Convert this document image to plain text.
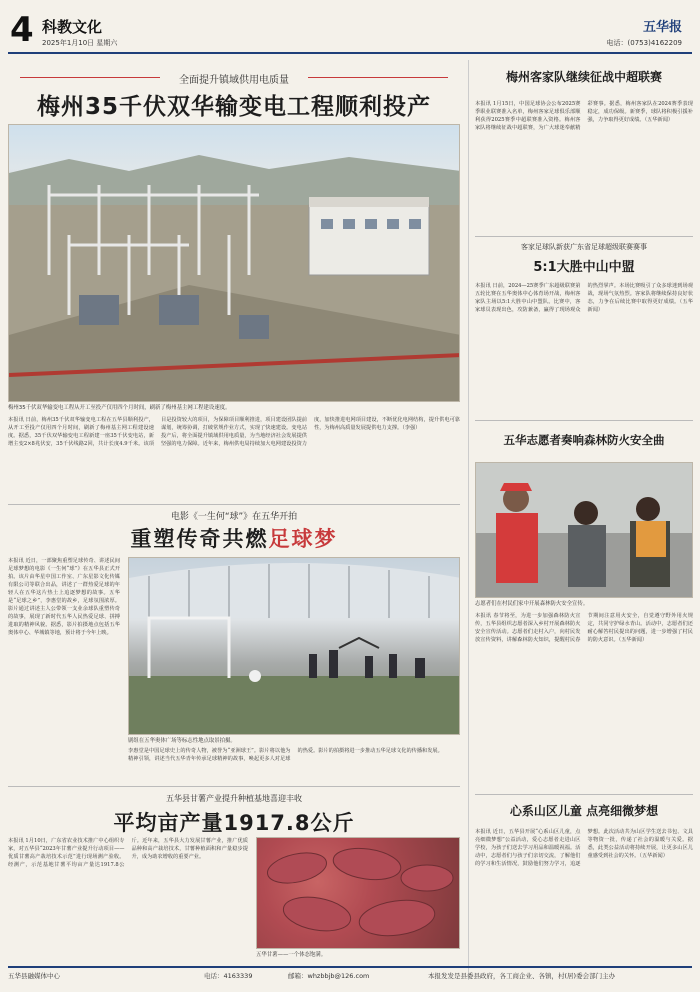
4 科教文化
2025年1月10日 星期六
五华报
电话：(0753)4162209
全面提升镇域供用电质量
梅州35千伏双华输变电工程顺利投产
梅州35千伏双华输变电工程从开工至投产仅用四个月时间，刷新了梅州基主网工程建设速度。
本报讯 日前，梅州35千伏双华输变电工程在五华县顺利投产，从开工至投产仅用四个月时间，刷新了梅州基主网工程建设速度。据悉，35千伏双华输变电工程新建一座35千伏变电站，新增主变2×8兆伏安，35千伏线路2回，共计长度4.9千米。该项目是投资较大的项目，为保障项目顺利推进，项目建设团队提前谋划，统筹协调，打破常规作业方式，实现了快速建设。变电站投产后，将全面提升镇域供用电质量，为当地经济社会发展提供坚强的电力保障。近年来，梅州供电局持续加大电网建设投资力度，加快推进电网项目建设，不断优化电网结构，提升供电可靠性，为梅州高质量发展提供电力支撑。（李强）
电影《一生何“球”》在五华开拍
重塑传奇共燃足球梦
本报讯 近日，一部聚焦重塑足球传奇、讲述民间足球梦想的电影《一生何“球”》在五华县正式开拍。该片由华星中国工作室、广东星影文化传媒有限公司等联合出品，讲述了一群热爱足球的年轻人在五华这片热土上追逐梦想的故事。五华是“足球之乡”，李惠堂的故乡，足球氛围浓厚。影片通过讲述主人公带领一支业余球队重塑传奇的故事，展现了新时代五华人民热爱足球、拼搏进取的精神风貌。据悉，影片拍摄地点包括五华奥体中心、华城镇等地，预计将于今年上映。
剧组在五华奥体广场等标志性地点取景拍摄。
李惠堂是中国足球史上的传奇人物，被誉为“亚洲球王”。影片将以他为精神引领，讲述当代五华青年传承足球精神的故事，唤起更多人对足球的热爱。影片的拍摄将进一步推动五华足球文化的传播和发展。
五华县甘薯产业提升种植基地喜迎丰收
平均亩产量1917.8公斤
本报讯 1月10日，广东省农业技术推广中心组织专家，对五华县“2023年甘薯产业提升行动项目——优质甘薯高产栽培技术示范”进行现场测产验收。经测产，示范基地甘薯平均亩产量达1917.8公斤。近年来，五华县大力发展甘薯产业，推广优质品种和高产栽培技术，甘薯种植面积和产量稳步提升，成为助农增收的重要产业。
五华甘薯——一个体态饱满。
梅州客家队继续征战中超联赛
本报讯 1月15日，中国足球协会公布2025赛季职业联赛准入名单，梅州客家足球俱乐部顺利获得2025赛季中超联赛准入资格。梅州客家队将继续征战中超联赛，为广大球迷奉献精彩赛事。据悉，梅州客家队在2024赛季表现稳定，成功保级。新赛季，球队将积极引援补强，力争取得更好成绩。（五华新闻）
客家足球队新获广东省足球超级联赛赛事
5:1大胜中山中盟
本报讯 日前，2024—25赛季广东超级联赛第五轮比赛在五华奥体中心体育场开战，梅州客家队主场以5:1大胜中山中盟队。比赛中，客家球员表现出色，攻防兼备，赢得了现场观众的热烈掌声。本场比赛吸引了众多球迷到场观战，现场气氛热烈。客家队将继续保持良好状态，力争在后续比赛中取得更好成绩。（五华新闻）
五华志愿者奏响森林防火安全曲
志愿者们在村民们家中开展森林防火安全宣传。
本报讯 春节将至，为进一步加强森林防火宣传，五华县组织志愿者深入乡村开展森林防火安全宣传活动。志愿者们走村入户，向村民发放宣传资料，讲解森林防火知识，提醒村民春节期间注意用火安全，自觉遵守野外用火规定，共同守护绿水青山。活动中，志愿者们还耐心解答村民提出的问题，进一步增强了村民的防火意识。（五华新闻）
心系山区儿童 点亮细微梦想
本报讯 近日，五华县开展“心系山区儿童，点亮细微梦想”公益活动，爱心志愿者走进山区学校，为孩子们送去学习用品和温暖祝福。活动中，志愿者们与孩子们亲切交流，了解他们的学习和生活情况，鼓励他们努力学习，追逐梦想。此次活动共为山区学生送去书包、文具等物资一批，传递了社会的温暖与关爱。据悉，此类公益活动将持续开展，让更多山区儿童感受到社会的关怀。（五华新闻）
五华县融媒体中心	电话：4163339	邮箱：whzbbjb@126.com	本报发发是县委县政府，各工商企业、各镇，村(居)委会部门主办
